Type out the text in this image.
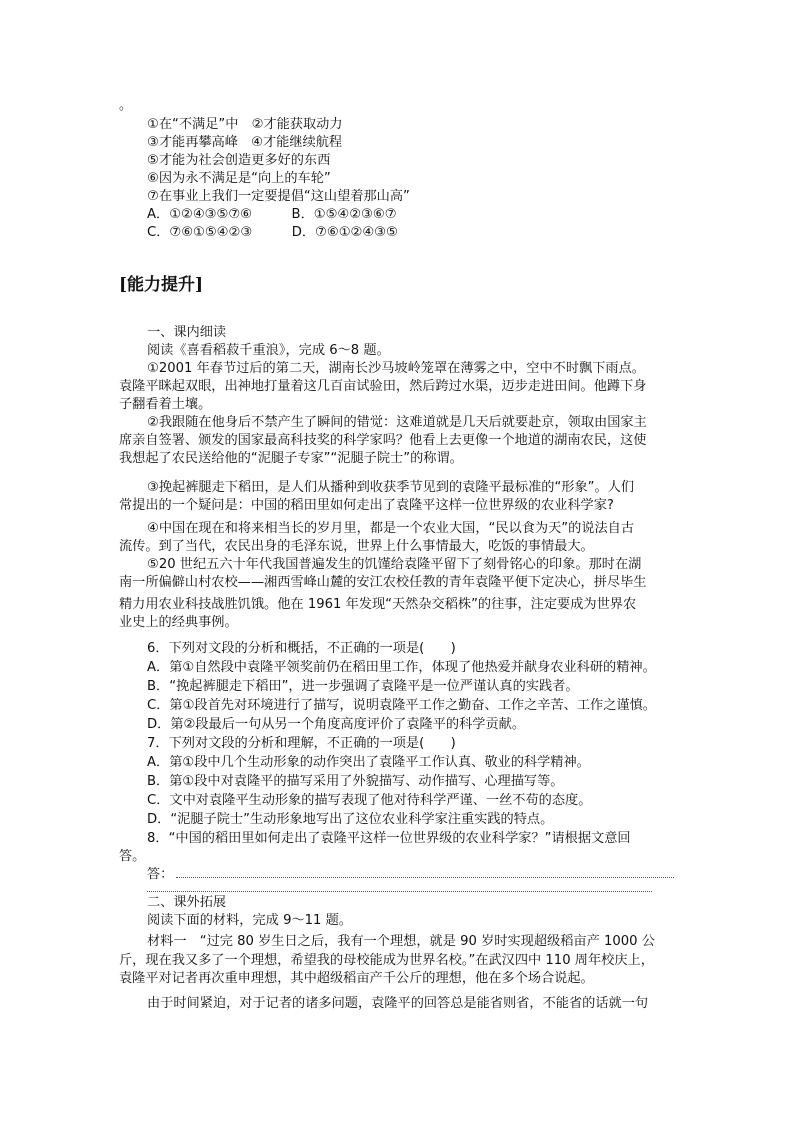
。
①在“不满足”中　②才能获取动力
③才能再攀高峰　④才能继续航程
⑤才能为社会创造更多好的东西
⑥因为永不满足是“向上的车轮”
⑦在事业上我们一定要提倡“这山望着那山高”
A．①②④③⑤⑦⑥　　　B．①⑤④②③⑥⑦
C．⑦⑥①⑤④②③　　　D．⑦⑥①②④③⑤
[能力提升]
一、课内细读
阅读《喜看稻菽千重浪》，完成 6～8 题。
①2001 年春节过后的第二天，湖南长沙马坡岭笼罩在薄雾之中，空中不时飘下雨点。
袁隆平眯起双眼，出神地打量着这几百亩试验田，然后跨过水渠，迈步走进田间。他蹲下身
子翻看着土壤。
②我跟随在他身后不禁产生了瞬间的错觉：这难道就是几天后就要赴京，领取由国家主
席亲自签署、颁发的国家最高科技奖的科学家吗？他看上去更像一个地道的湖南农民，这使
我想起了农民送给他的“泥腿子专家”“泥腿子院士”的称谓。
③挽起裤腿走下稻田，是人们从播种到收获季节见到的袁隆平最标准的“形象”。人们
常提出的一个疑问是：中国的稻田里如何走出了袁隆平这样一位世界级的农业科学家?
④中国在现在和将来相当长的岁月里，都是一个农业大国，“民以食为天”的说法自古
流传。到了当代，农民出身的毛泽东说，世界上什么事情最大，吃饭的事情最大。
⑤20 世纪五六十年代我国普遍发生的饥馑给袁隆平留下了刻骨铭心的印象。那时在湖
南一所偏僻山村农校——湘西雪峰山麓的安江农校任教的青年袁隆平便下定决心，拼尽毕生
精力用农业科技战胜饥饿。他在 1961 年发现“天然杂交稻株”的往事，注定要成为世界农
业史上的经典事例。
6．下列对文段的分析和概括，不正确的一项是(　　)
A．第①自然段中袁隆平领奖前仍在稻田里工作，体现了他热爱并献身农业科研的精神。
B．“挽起裤腿走下稻田”，进一步强调了袁隆平是一位严谨认真的实践者。
C．第①段首先对环境进行了描写，说明袁隆平工作之勤奋、工作之辛苦、工作之谨慎。
D．第②段最后一句从另一个角度高度评价了袁隆平的科学贡献。
7．下列对文段的分析和理解，不正确的一项是(　　)
A．第①段中几个生动形象的动作突出了袁隆平工作认真、敬业的科学精神。
B．第①段中对袁隆平的描写采用了外貌描写、动作描写、心理描写等。
C．文中对袁隆平生动形象的描写表现了他对待科学严谨、一丝不苟的态度。
D．“泥腿子院士”生动形象地写出了这位农业科学家注重实践的特点。
8．“中国的稻田里如何走出了袁隆平这样一位世界级的农业科学家？”请根据文意回
答。
答：
二、课外拓展
阅读下面的材料，完成 9～11 题。
材料一　“过完 80 岁生日之后，我有一个理想，就是 90 岁时实现超级稻亩产 1000 公
斤，现在我又多了一个理想，希望我的母校能成为世界名校。”在武汉四中 110 周年校庆上，
袁隆平对记者再次重申理想，其中超级稻亩产千公斤的理想，他在多个场合说起。
由于时间紧迫，对于记者的诸多问题，袁隆平的回答总是能省则省，不能省的话就一句
